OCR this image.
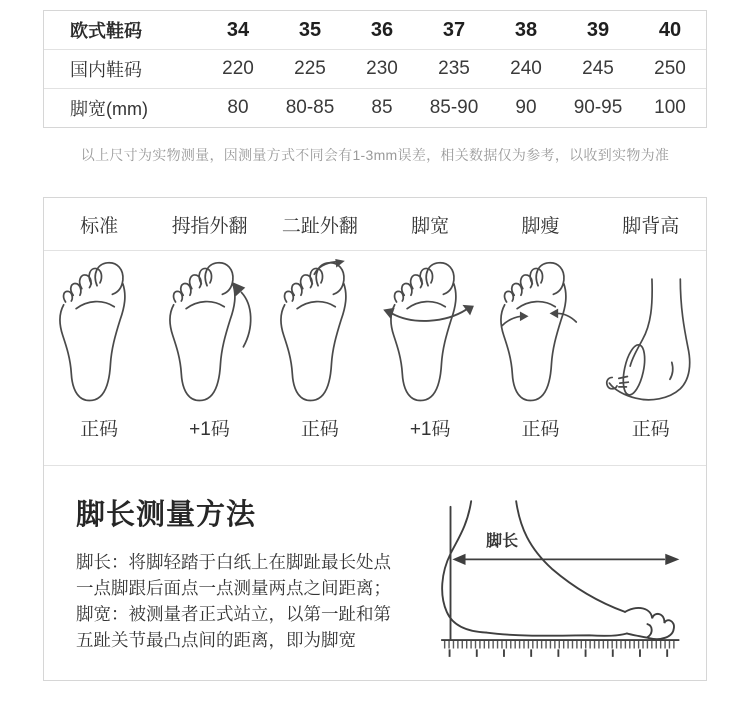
欧式鞋码	34	35	36	37	38	39	40
国内鞋码	220	225	230	235	240	245	250
脚宽(mm)	80	80-85	85	85-90	90	90-95	100
以上尺寸为实物测量，因测量方式不同会有1-3mm误差，相关数据仅为参考，以收到实物为准
标准	拇指外翻	二趾外翻	脚宽	脚瘦	脚背高
正码	+1码	正码	+1码	正码	正码
脚长测量方法

脚长：将脚轻踏于白纸上在脚趾最长处点一点脚跟后面点一点测量两点之间距离；

脚宽：被测量者正式站立，以第一趾和第五趾关节最凸点间的距离，即为脚宽

脚长
